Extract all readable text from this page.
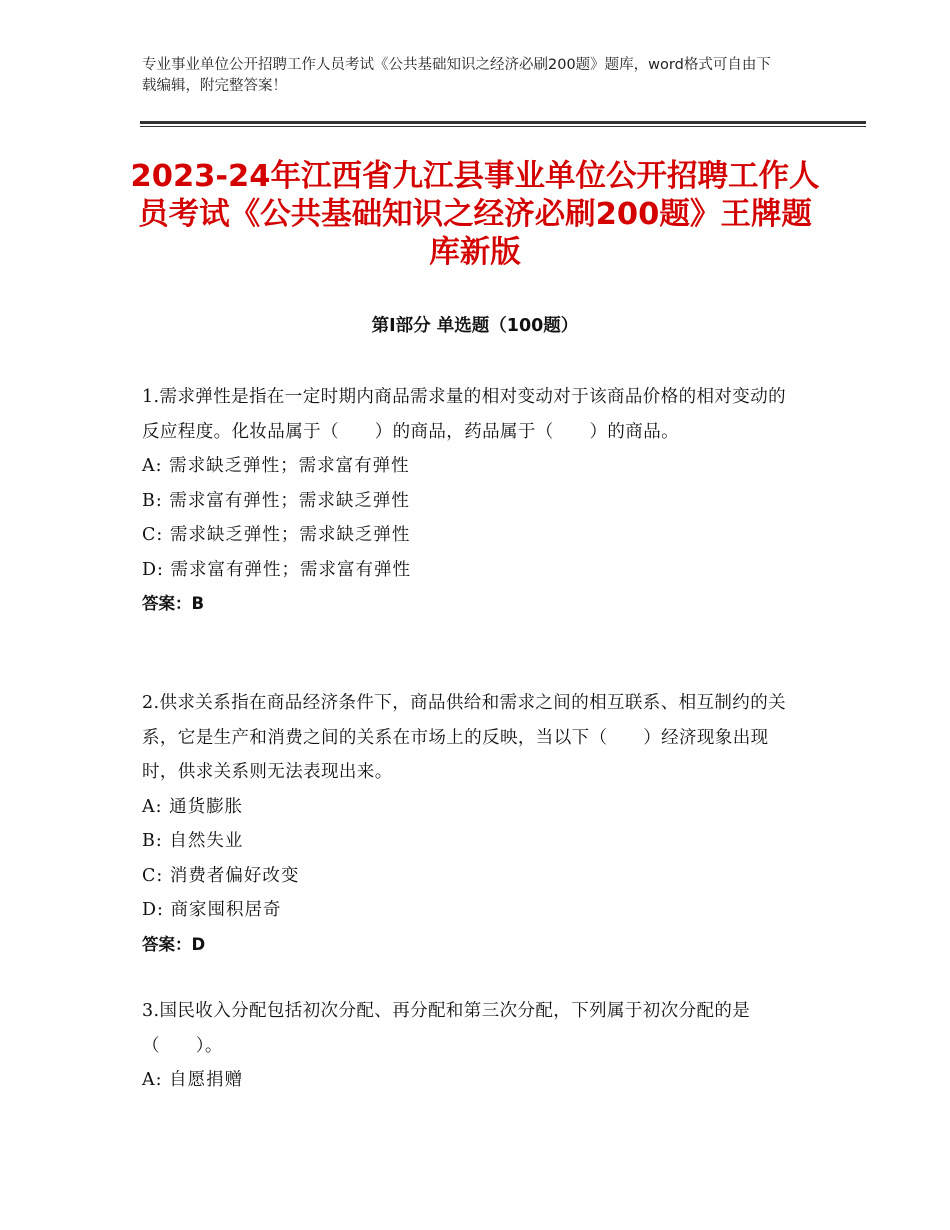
专业事业单位公开招聘工作人员考试《公共基础知识之经济必刷200题》题库，word格式可自由下载编辑，附完整答案！
2023-24年江西省九江县事业单位公开招聘工作人员考试《公共基础知识之经济必刷200题》王牌题库新版
第Ⅰ部分 单选题（100题）
1.需求弹性是指在一定时期内商品需求量的相对变动对于该商品价格的相对变动的反应程度。化妆品属于（　　）的商品，药品属于（　　）的商品。
A: 需求缺乏弹性；需求富有弹性
B: 需求富有弹性；需求缺乏弹性
C: 需求缺乏弹性；需求缺乏弹性
D: 需求富有弹性；需求富有弹性
答案：B
2.供求关系指在商品经济条件下，商品供给和需求之间的相互联系、相互制约的关系，它是生产和消费之间的关系在市场上的反映，当以下（　　）经济现象出现时，供求关系则无法表现出来。
A: 通货膨胀
B: 自然失业
C: 消费者偏好改变
D: 商家囤积居奇
答案：D
3.国民收入分配包括初次分配、再分配和第三次分配，下列属于初次分配的是（　　）。
A: 自愿捐赠
